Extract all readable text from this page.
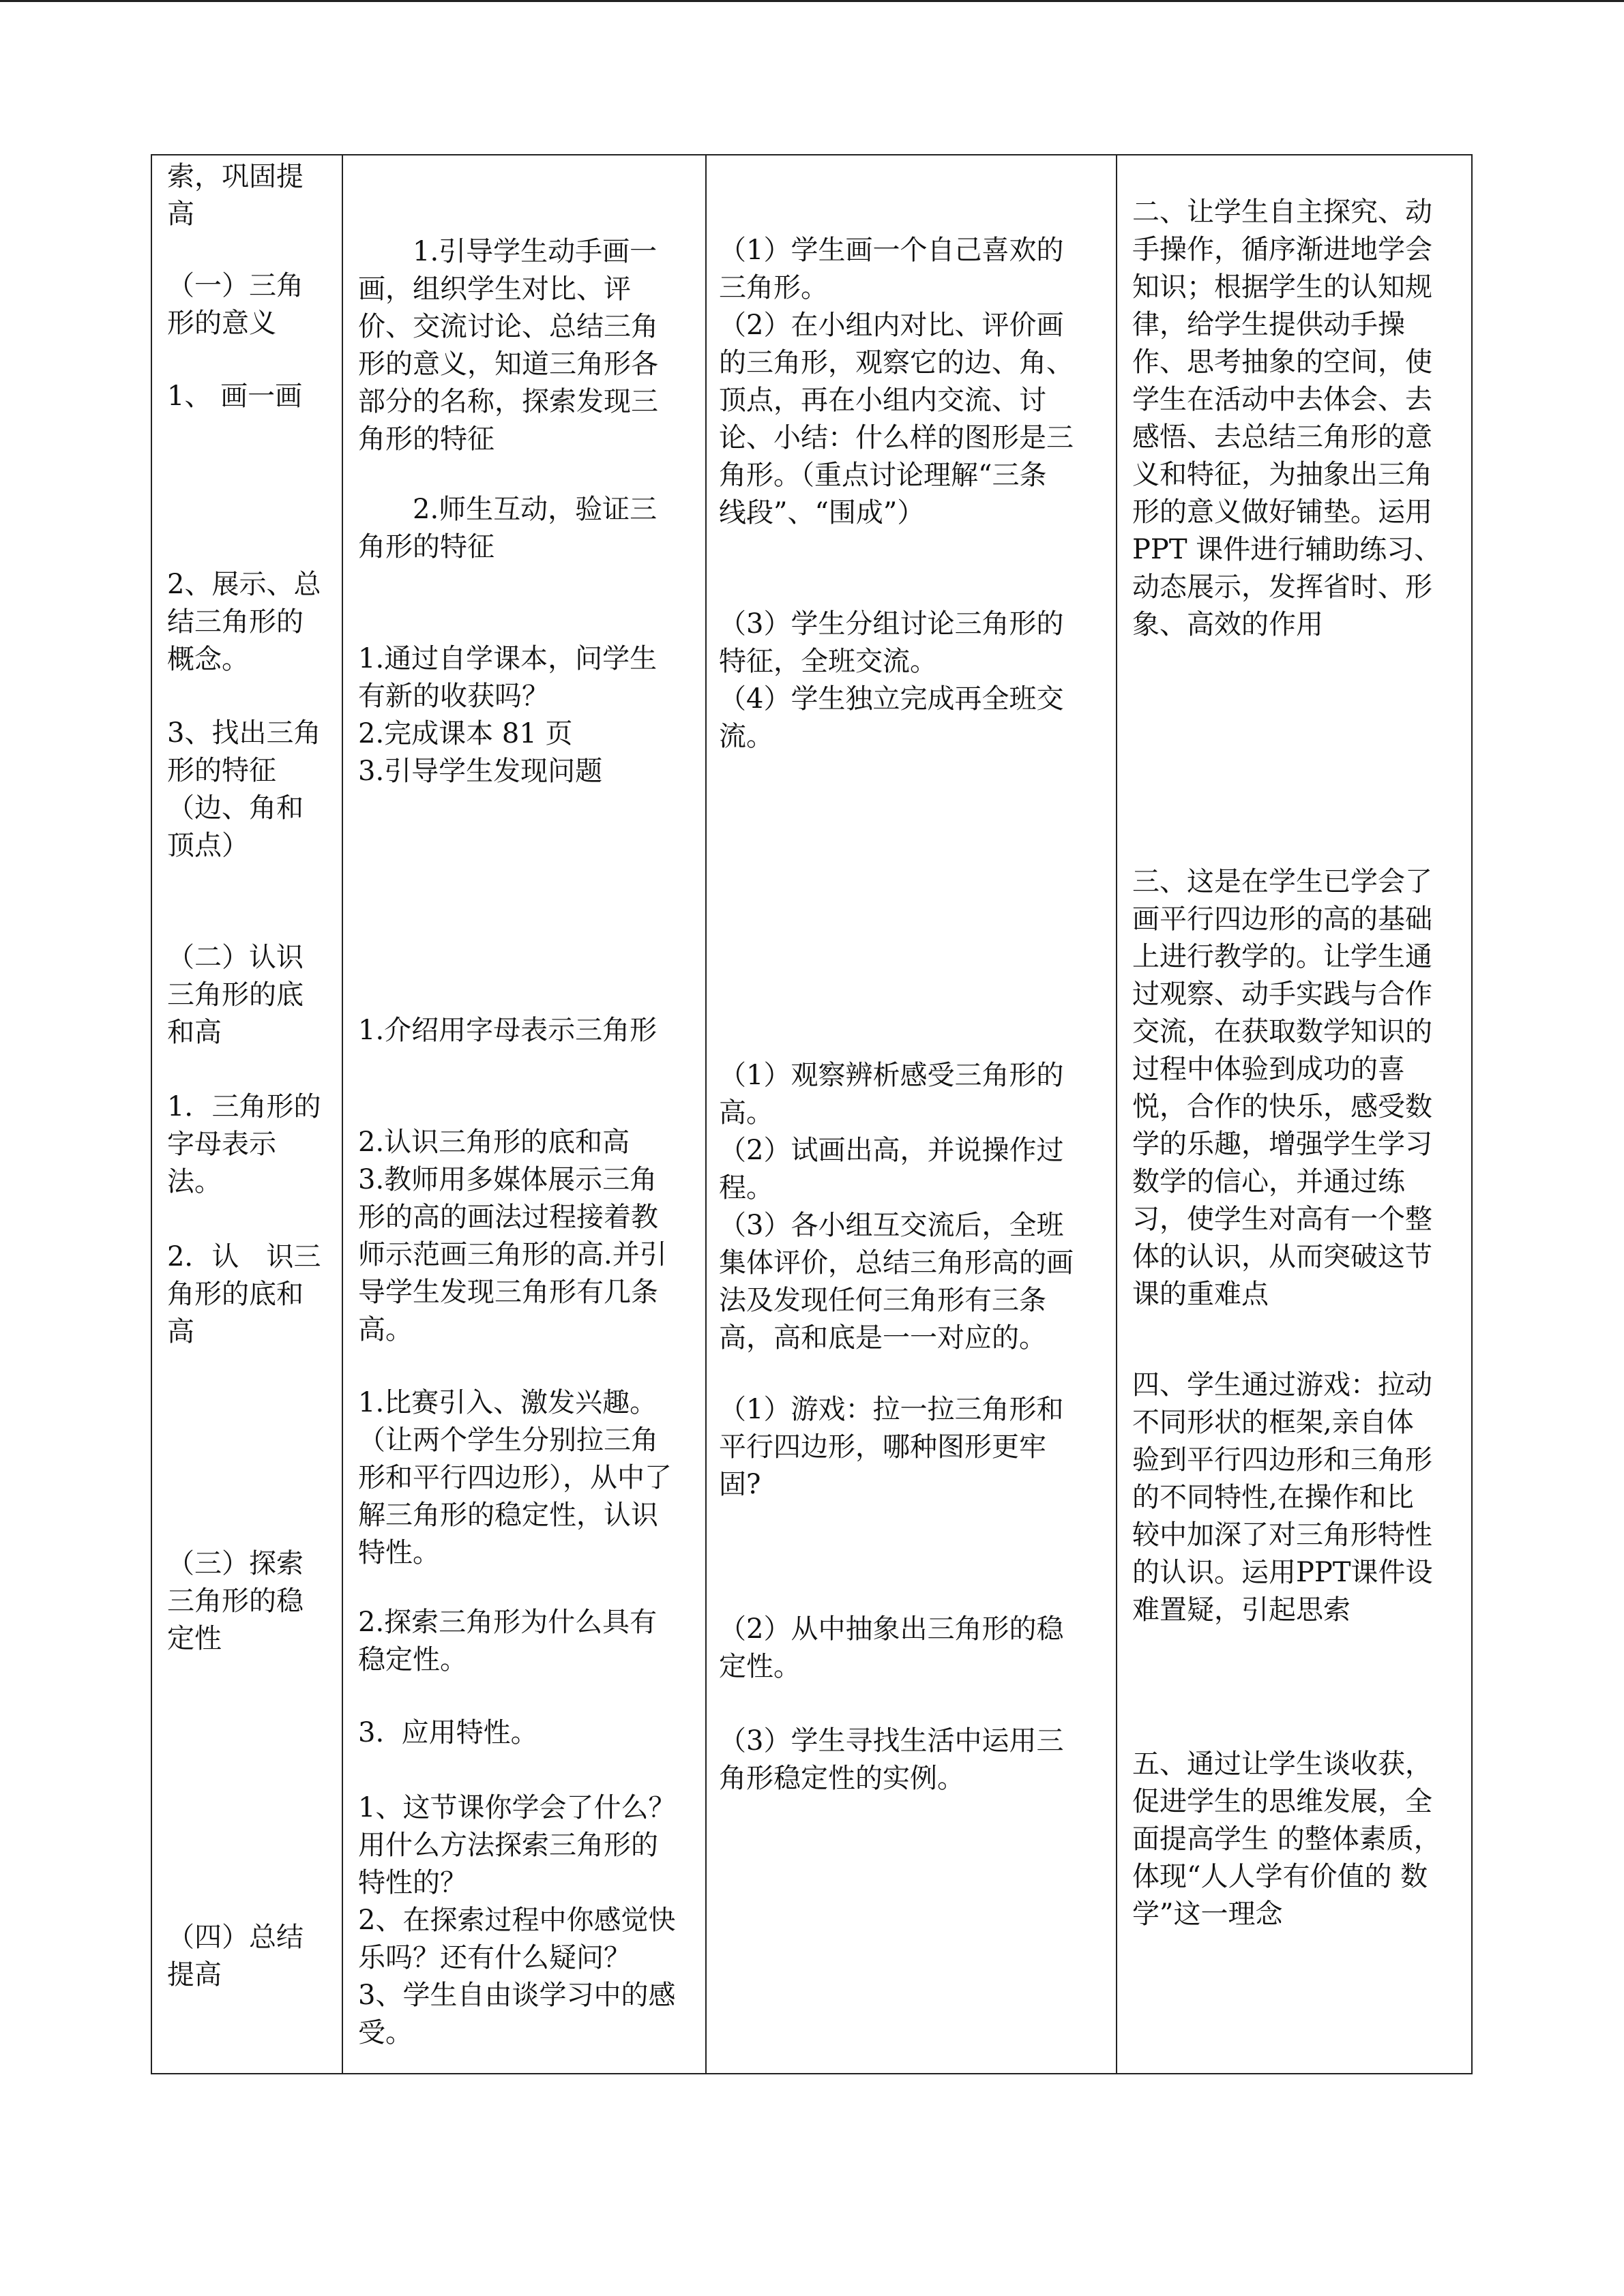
索，巩固提
高
（一）三角
形的意义
1、 画一画
2、展示、总
结三角形的
概念。
3、找出三角
形的特征
（边、角和
顶点）
（二）认识
三角形的底
和高
1．三角形的
字母表示
法。
2．认　识三
角形的底和
高
（三）探索
三角形的稳
定性
（四）总结
提高
　　1.引导学生动手画一
画，组织学生对比、评
价、交流讨论、总结三角
形的意义，知道三角形各
部分的名称，探索发现三
角形的特征
　　2.师生互动，验证三
角形的特征
1.通过自学课本，问学生
有新的收获吗？
2.完成课本 81 页
3.引导学生发现问题
1.介绍用字母表示三角形
2.认识三角形的底和高
3.教师用多媒体展示三角
形的高的画法过程接着教
师示范画三角形的高.并引
导学生发现三角形有几条
高。
1.比赛引入、激发兴趣。
（让两个学生分别拉三角
形和平行四边形），从中了
解三角形的稳定性，认识
特性。
2.探索三角形为什么具有
稳定性。
3.  应用特性。
1、这节课你学会了什么？
用什么方法探索三角形的
特性的？
2、在探索过程中你感觉快
乐吗？还有什么疑问？
3、学生自由谈学习中的感
受。
（1）学生画一个自己喜欢的
三角形。
（2）在小组内对比、评价画
的三角形，观察它的边、角、
顶点，再在小组内交流、讨
论、小结：什么样的图形是三
角形。（重点讨论理解“三条
线段”、“围成”）
（3）学生分组讨论三角形的
特征，全班交流。
（4）学生独立完成再全班交
流。
（1）观察辨析感受三角形的
高。
（2）试画出高，并说操作过
程。
（3）各小组互交流后，全班
集体评价，总结三角形高的画
法及发现任何三角形有三条
高，高和底是一一对应的。
（1）游戏：拉一拉三角形和
平行四边形，哪种图形更牢
固?
（2）从中抽象出三角形的稳
定性。
（3）学生寻找生活中运用三
角形稳定性的实例。
二、让学生自主探究、动
手操作，循序渐进地学会
知识；根据学生的认知规
律，给学生提供动手操
作、思考抽象的空间，使
学生在活动中去体会、去
感悟、去总结三角形的意
义和特征，为抽象出三角
形的意义做好铺垫。运用
PPT 课件进行辅助练习、
动态展示，发挥省时、形
象、高效的作用
三、这是在学生已学会了
画平行四边形的高的基础
上进行教学的。让学生通
过观察、动手实践与合作
交流，在获取数学知识的
过程中体验到成功的喜
悦，合作的快乐，感受数
学的乐趣，增强学生学习
数学的信心，并通过练
习，使学生对高有一个整
体的认识，从而突破这节
课的重难点
四、学生通过游戏：拉动
不同形状的框架,亲自体
验到平行四边形和三角形
的不同特性,在操作和比
较中加深了对三角形特性
的认识。运用PPT课件设
难置疑，引起思索
五、通过让学生谈收获，
促进学生的思维发展，全
面提高学生 的整体素质，
体现“人人学有价值的 数
学”这一理念
